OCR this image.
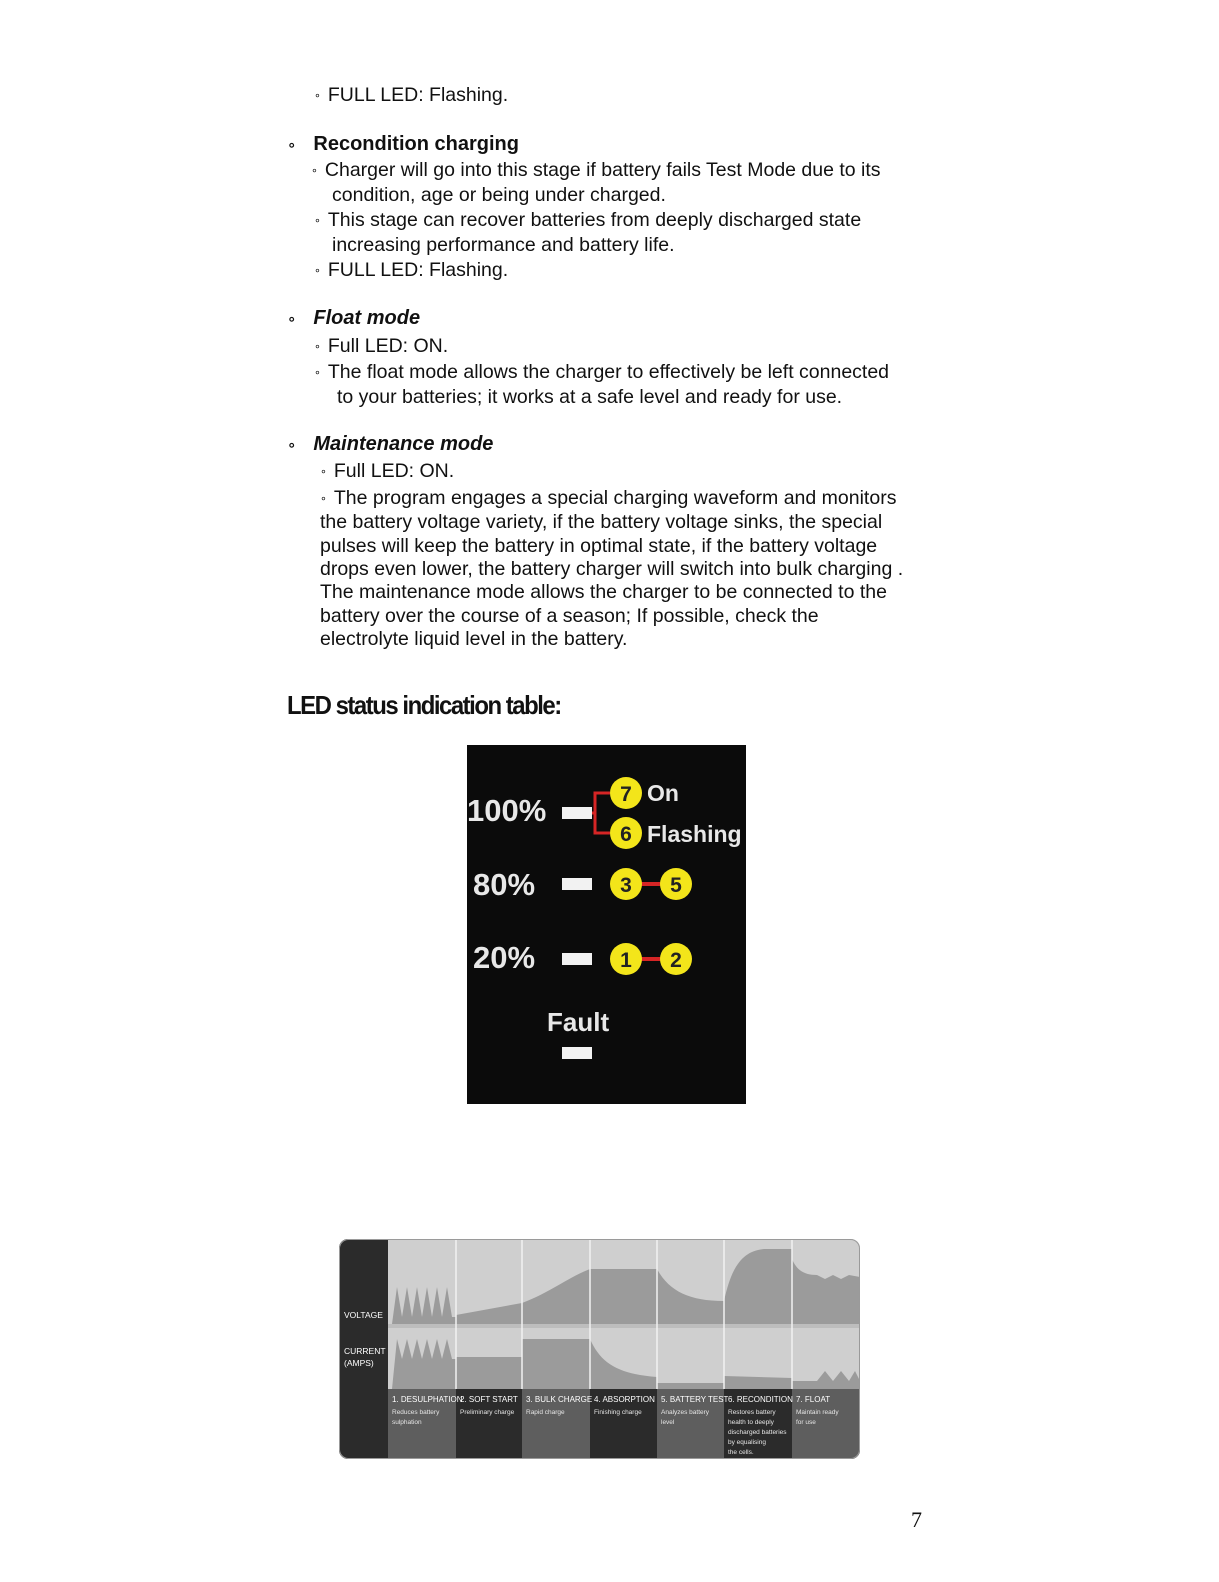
∘ FULL LED: Flashing.
∘ Recondition charging
∘ Charger will go into this stage if battery fails Test Mode due to its
condition, age or being under charged.
∘ This stage can recover batteries from deeply discharged state
increasing performance and battery life.
∘ FULL LED: Flashing.
∘ Float mode
∘ Full LED: ON.
∘ The float mode allows the charger to effectively be left connected
to your batteries; it works at a safe level and ready for use.
∘ Maintenance mode
∘ Full LED: ON.
∘ The program engages a special charging waveform and monitors
the battery voltage variety, if the battery voltage sinks, the special
pulses will keep the battery in optimal state, if the battery voltage
drops even lower, the battery charger will switch into bulk charging .
The maintenance mode allows the charger to be connected to the
battery over the course of a season; If possible, check the
electrolyte liquid level in the battery.
LED status indication table:
100%
80%
20%
7
6
3 5
1 2
On
Flashing
Fault
VOLTAGE
CURRENT
(AMPS)
1. DESULPHATION
Reduces battery
sulphation
2. SOFT START
Preliminary charge
3. BULK CHARGE
Rapid charge
4. ABSORPTION
Finishing charge
5. BATTERY TEST
Analyzes battery
level
6. RECONDITION
Restores battery
health to deeply
discharged batteries
by equalising
the cells.
7. FLOAT
Maintain ready
for use
7
